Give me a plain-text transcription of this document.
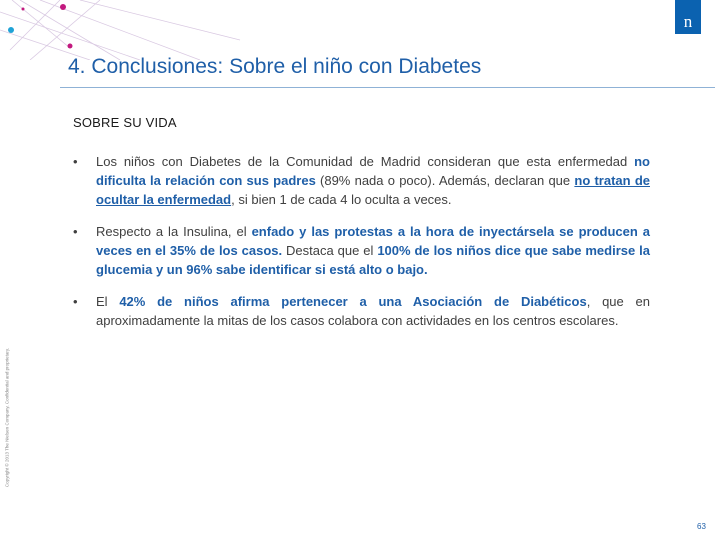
n
4. Conclusiones: Sobre el niño con Diabetes
SOBRE SU VIDA
• Los niños con Diabetes de la Comunidad de Madrid consideran que esta enfermedad no dificulta la relación con sus padres (89% nada o poco). Además, declaran que no tratan de ocultar la enfermedad, si bien 1 de cada 4 lo oculta a veces.
• Respecto a la Insulina, el enfado y las protestas a la hora de inyectársela se producen a veces en el 35% de los casos. Destaca que el 100% de los niños dice que sabe medirse la glucemia y un 96% sabe identificar si está alto o bajo.
• El 42% de niños afirma pertenecer a una Asociación de Diabéticos, que en aproximadamente la mitas de los casos colabora con actividades en los centros escolares.
Copyright © 2013 The Nielsen Company. Confidential and proprietary.
63
